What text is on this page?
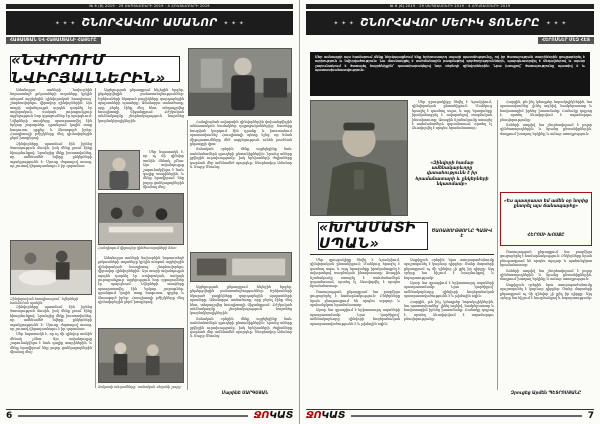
№ 6 (6) 2019 · 29 ՍԵՊՏԵՄԲԵՐԻ 2019 · 4 ՀՈԿՏԵՄԲԵՐԻ 2019
✦ ✦ ✦ ՇՆՈՐՀԱՎՈՐ ԱՄԱՆՈՐ ✦ ✦ ✦
ՀԱՅԱՍՏԱՆ ԵՎ ՀԱՅԱՍՏԱՆԻ ՀԱՅԵՐԸ
«ՆՎԻՐՈՒՄ ՆՎԻՐՅԱԼՆԵՐԻՆ»

Ամանորյա տոների նախօրեին նորաստեղծ ջոկատների տղաները կրկին անգամ այցելեցին զինվորական հոսպիտալ՝ շնորհավորելու վիրավոր զինվորներին։ Այս տարի ավանդույթն արդեն դարձել էր սովորական, սակայն յուրաքանչյուր այցելություն նոր զգացումներ էր պարգևում։ Նվերների տուփերը պատրաստվել էին երկար շաբաթներ, դրանցում կային տաք հագուստ, գրքեր և ձեռագործ իրեր։ Հոսպիտալի բժիշկները մեզ դիմավորեցին ջերմ խոսքերով։

Զինվորները պատմում էին իրենց ծառայության մասին, իսկ մենք լսում էինք հիացմունքով։ Նրանցից մեկը խոստովանեց, որ ամենամեծ նվերը ընկերների աջակցությունն է։ Մյուսը ժպտալով ասաց, որ շուտով վերադառնալու է իր զորամաս։

Զինվորական հոսպիտալում՝ նվերների հանձնման պահին։

Զինվորները պատմում էին իրենց ծառայության մասին, իսկ մենք լսում էինք հիացմունքով։ Նրանցից մեկը խոստովանեց, որ ամենամեծ նվերը ընկերների աջակցությունն է։ Մյուսը ժպտալով ասաց, որ շուտով վերադառնալու է իր զորամաս։

Մեր նպատակն է, որ ոչ մի զինվոր տոնին մենակ չմնա։ Այս ավանդույթը շարունակվելու է նաև գալիք տարիներին, և մենք հրավիրում ենք բոլոր ցանկացողներին միանալ մեզ։

Այցելության ընթացքում հնչեցին երգեր, ընթերցվեցին բանաստեղծություններ։ Երեխաների նկարած բացիկները զարդարեցին պալատների պատերը։ Ամանորյա տոնածառը, որը բերել էինք մեզ հետ, տեղադրվեց հոսպիտալի միջանցքում։ Բժշկական անձնակազմը շնորհակալություն հայտնեց կազմակերպիչներին։

Մեր նպատակն է, որ ոչ մի զինվոր տոնին մենակ չմնա։ Այս ավանդույթը շարունակվելու է նաև գալիք տարիներին, և մենք հրավիրում ենք բոլոր ցանկացողներին միանալ մեզ։

Հանդիպում վիրավոր զինծառայողների հետ։

Ամանորյա տոների նախօրեին նորաստեղծ ջոկատների տղաները կրկին անգամ այցելեցին զինվորական հոսպիտալ՝ շնորհավորելու վիրավոր զինվորներին։ Այս տարի ավանդույթն արդեն դարձել էր սովորական, սակայն յուրաքանչյուր այցելություն նոր զգացումներ էր պարգևում։ Նվերների տուփերը պատրաստվել էին երկար շաբաթներ, դրանցում կային տաք հագուստ, գրքեր և ձեռագործ իրեր։ Հոսպիտալի բժիշկները մեզ դիմավորեցին ջերմ խոսքերով։

Ջոկատի անդամները՝ տոնական սեղանի շուրջ։

Հանդիպման ավարտին զինվորներին փոխանցվեցին անհատական նամակներ դպրոցականներից։ Շատերը հուզված կարդում էին դրանք և խոստանում պատասխանել։ Հոսպիտալի պետը նշեց, որ նման միջոցառումները մեծ ազդեցություն ունեն բուժման ընթացքի վրա։

Տոնական օրերին մենք այցելեցինք նաև սահմանամերձ գյուղերի ընտանիքներին։ Նրանց տները լցվեցին ուրախությամբ, իսկ երեխաների ժպիտները դարձան մեր ամենամեծ պարգևը։ Շնորհավոր Ամանոր և Սուրբ Ծնունդ։

Այցելության ընթացքում հնչեցին երգեր, ընթերցվեցին բանաստեղծություններ։ Երեխաների նկարած բացիկները զարդարեցին պալատների պատերը։ Ամանորյա տոնածառը, որը բերել էինք մեզ հետ, տեղադրվեց հոսպիտալի միջանցքում։ Բժշկական անձնակազմը շնորհակալություն հայտնեց կազմակերպիչներին։

Տոնական օրերին մենք այցելեցինք նաև սահմանամերձ գյուղերի ընտանիքներին։ Նրանց տները լցվեցին ուրախությամբ, իսկ երեխաների ժպիտները դարձան մեր ամենամեծ պարգևը։ Շնորհավոր Ամանոր և Սուրբ Ծնունդ։

Մարինե ՍԱՐԳՍՅԱՆ
6	ՋՈԿԱՏ
№ 6 (6) 2019 · 29 ՍԵՊՏԵՄԲԵՐԻ 2019 · 4 ՀՈԿՏԵՄԲԵՐԻ 2019
✦ ✦ ✦ ՇՆՈՐՀԱՎՈՐ ՄԵՐԻԿ ՏՈՆԵՐԸ ✦ ✦ ✦
ՀԵՐՈՍՆԵՐ ՄԵԶ ՀԵՏ
Մեր ամսագրի այս համարում մենք ներկայացնում ենք երիտասարդ սպայի պատմությունը, ով իր ծառայության տարիներին ցուցաբերել է արիություն և նվիրվածություն։ Նա մասնակցել է սահմանային բազմաթիվ գործողությունների, պարգևատրվել է մեդալներով և այսօր շարունակում է ծառայել հայրենիքին՝ դաստիարակելով նոր սերնդի զինվորներին։ Նրա խոսքով՝ ծառայությունը պատիվ է և պատասխանատվություն։

Մեր զրուցակիցը ծնվել է Գյումրիում, զինվորական ընտանիքում։ Մանկուց երազել է դառնալ սպա, և այդ երազանքը իրականացրել է ավարտելով ռազմական ինստիտուտը։ Առաջին նշանակումը ստացել է սահմանամերձ զորամասում, որտեղ էլ ձևավորվել է որպես հրամանատար։

«Զինվորի համար ամենակարևորը վստահությունն է իր հրամանատարի և ընկերների նկատմամբ»

Հարցին, թե ինչ կմաղթեր նորակոչիկներին, նա պատասխանեց՝ լինել ազնիվ, համբերատար և հավատարիմ իրենց խոստմանը։ Բանակը դպրոց է, որտեղ ձևավորվում է տղամարդու բնավորությունը։

Տոների առթիվ նա շնորհավորում է բոլոր զինծառայողներին և նրանց ընտանիքներին, մաղթում խաղաղ երկինք և ամուր առողջություն։

«Ես պատրաստ եմ ամեն օր նորից ընտրել այս ճանապարհը»
ՀԵՐՈՍԻ ԽՈՍՔԸ
«ԽՐԱՄԱՏԻ ՍՊԱՆ»
ԾԱՌԱՅՈՒԹՅՈՒՆԸ ՊԱՏԻՎ Է

Մեր զրուցակիցը ծնվել է Գյումրիում, զինվորական ընտանիքում։ Մանկուց երազել է դառնալ սպա, և այդ երազանքը իրականացրել է ավարտելով ռազմական ինստիտուտը։ Առաջին նշանակումը ստացել է սահմանամերձ զորամասում, որտեղ էլ ձևավորվել է որպես հրամանատար։

Ծառայության ընթացքում նա բազմիցս ցուցաբերել է համարձակություն։ Ընկերները նրան բնութագրում են որպես արդար և պահանջկոտ հրամանատար։

Այսօր նա զբաղվում է երիտասարդ սպաների պատրաստմամբ։ Նրա կարծիքով՝ ամենակարևորը զինվորի հոգեբանական պատրաստվածությունն է և թիմային ոգին։

Ապրիլյան օրերին նրա ստորաբաժանումը պաշտպանել է կարևոր դիրքեր։ Ծանր մարտերի ընթացքում ոչ մի զինվոր չի լքել իր դիրքը։ Այդ օրերը նա հիշում է հուզմունքով և հպարտությամբ։

Այսօր նա զբաղվում է երիտասարդ սպաների պատրաստմամբ։ Նրա կարծիքով՝ ամենակարևորը զինվորի հոգեբանական պատրաստվածությունն է և թիմային ոգին։

Հարցին, թե ինչ կմաղթեր նորակոչիկներին, նա պատասխանեց՝ լինել ազնիվ, համբերատար և հավատարիմ իրենց խոստմանը։ Բանակը դպրոց է, որտեղ ձևավորվում է տղամարդու բնավորությունը։

Ծառայության ընթացքում նա բազմիցս ցուցաբերել է համարձակություն։ Ընկերները նրան բնութագրում են որպես արդար և պահանջկոտ հրամանատար։

Տոների առթիվ նա շնորհավորում է բոլոր զինծառայողներին և նրանց ընտանիքներին, մաղթում խաղաղ երկինք և ամուր առողջություն։

Ապրիլյան օրերին նրա ստորաբաժանումը պաշտպանել է կարևոր դիրքեր։ Ծանր մարտերի ընթացքում ոչ մի զինվոր չի լքել իր դիրքը։ Այդ օրերը նա հիշում է հուզմունքով և հպարտությամբ։

Զրուցեց Արմեն ՊԵՏՐՈՍՅԱՆԸ
ՋՈԿԱՏ	7
